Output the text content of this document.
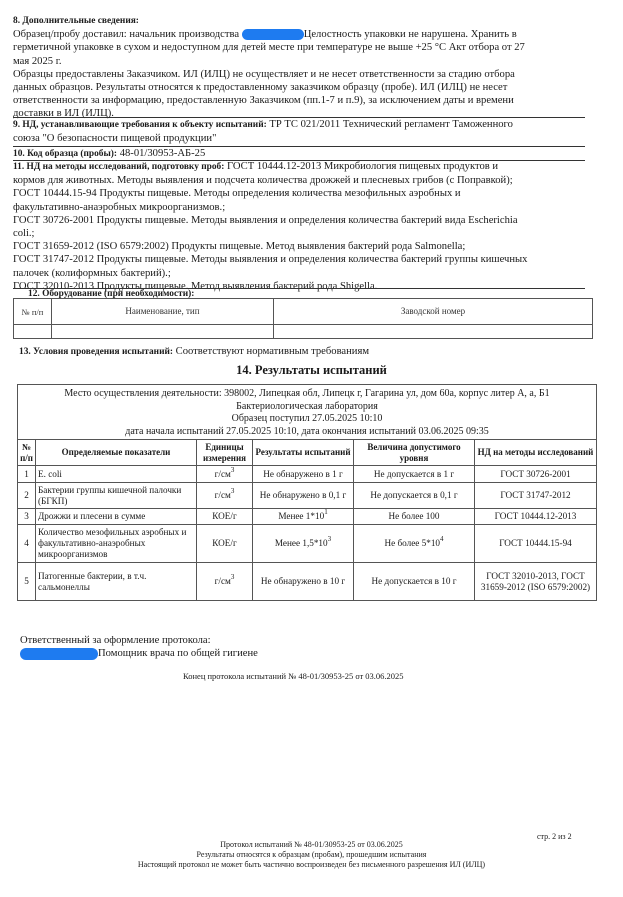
8. Дополнительные сведения:
Образец/пробу доставил: начальник производства	Целостность упаковки не нарушена. Хранить в
герметичной упаковке в сухом и недоступном для детей месте при температуре не выше +25 °С Акт отбора от 27
мая 2025 г.
Образцы предоставлены Заказчиком. ИЛ (ИЛЦ) не осуществляет и не несет ответственности за стадию отбора
данных образцов. Результаты относятся к предоставленному заказчиком образцу (пробе). ИЛ (ИЛЦ) не несет
ответственности за информацию, предоставленную Заказчиком (пп.1-7 и п.9), за исключением даты и времени
доставки в ИЛ (ИЛЦ).
9. НД, устанавливающие требования к объекту испытаний: ТР ТС 021/2011 Технический регламент Таможенного
союза "О безопасности пищевой продукции"
10. Код образца (пробы): 48-01/30953-АБ-25
11. НД на методы исследований, подготовку проб: ГОСТ 10444.12-2013 Микробиология пищевых продуктов и
кормов для животных. Методы выявления и подсчета количества дрожжей и плесневых грибов (с Поправкой);
ГОСТ 10444.15-94 Продукты пищевые. Методы определения количества мезофильных аэробных и
факультативно-анаэробных микроорганизмов.;
ГОСТ 30726-2001 Продукты пищевые. Методы выявления и определения количества бактерий вида Escherichia
coli.;
ГОСТ 31659-2012 (ISO 6579:2002) Продукты пищевые. Метод выявления бактерий рода Salmonella;
ГОСТ 31747-2012 Продукты пищевые. Методы выявления и определения количества бактерий группы кишечных
палочек (колиформных бактерий).;
ГОСТ 32010-2013 Продукты пищевые. Метод выявления бактерий рода Shigella.
12. Оборудование (при необходимости):
№ п/п	Наименование, тип	Заводской номер

13. Условия проведения испытаний: Соответствуют нормативным требованиям
14. Результаты испытаний
Место осуществления деятельности: 398002, Липецкая обл, Липецк г, Гагарина ул, дом 60а, корпус литер А, а, Б1
Бактериологическая лаборатория
Образец поступил 27.05.2025 10:10
дата начала испытаний 27.05.2025 10:10, дата окончания испытаний 03.06.2025 09:35					

№ п/п	Определяемые показатели	Единицы измерения	Результаты испытаний	Величина допустимого уровня	НД на методы исследований
1	E. coli	$г/см^3$	Не обнаружено в 1 г	Не допускается в 1 г	ГОСТ 30726-2001
2	Бактерии группы кишечной палочки (БГКП)	$г/см^3$	Не обнаружено в 0,1 г	Не допускается в 0,1 г	ГОСТ 31747-2012
3	Дрожжи и плесени в сумме	КОЕ/г	Менее $1*10^1$	Не более 100	ГОСТ 10444.12-2013
4	Количество мезофильных аэробных и факультативно-анаэробных микроорганизмов	КОЕ/г	Менее $1,5*10^3$	Не более $5*10^4$	ГОСТ 10444.15-94
5	Патогенные бактерии, в т.ч. сальмонеллы	$г/см^3$	Не обнаружено в 10 г	Не допускается в 10 г	ГОСТ 32010-2013, ГОСТ 31659-2012 (ISO 6579:2002)
Ответственный за оформление протокола:
Помощник врача по общей гигиене
Конец протокола испытаний № 48-01/30953-25 от 03.06.2025
стр. 2 из 2
Протокол испытаний № 48-01/30953-25 от 03.06.2025
Результаты относятся к образцам (пробам), прошедшим испытания
Настоящий протокол не может быть частично воспроизведен без письменного разрешения ИЛ (ИЛЦ)
